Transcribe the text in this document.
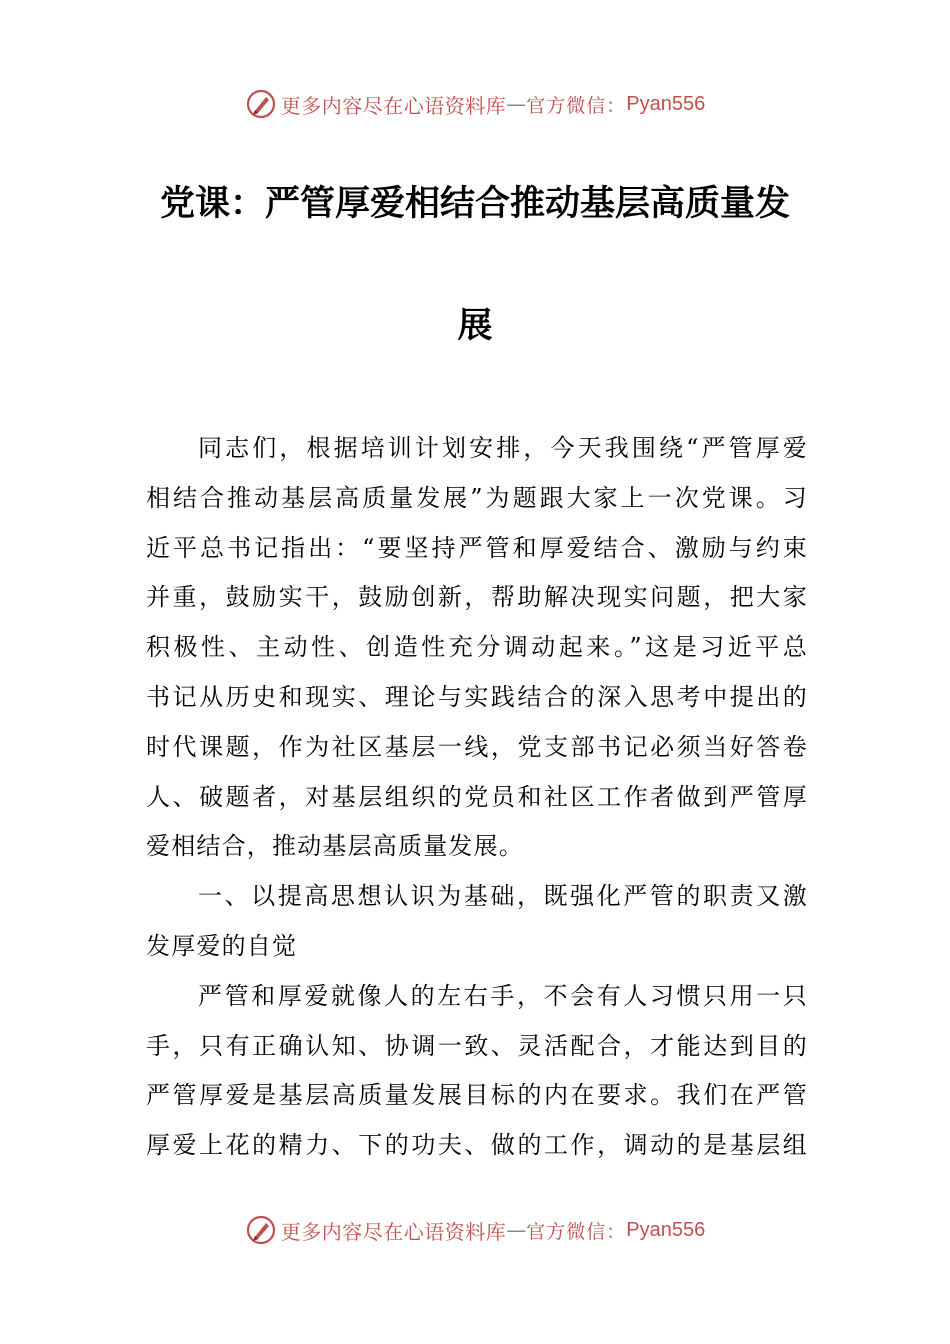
更多内容尽在心语资料库 — 官方微信： Pyan556
党课：严管厚爱相结合推动基层高质量发
展
同志们，根据培训计划安排，今天我围绕“严管厚爱
相结合推动基层高质量发展”为题跟大家上一次党课。习
近平总书记指出：“要坚持严管和厚爱结合、激励与约束
并重，鼓励实干，鼓励创新，帮助解决现实问题，把大家
积极性、主动性、创造性充分调动起来。”这是习近平总
书记从历史和现实、理论与实践结合的深入思考中提出的
时代课题，作为社区基层一线，党支部书记必须当好答卷
人、破题者，对基层组织的党员和社区工作者做到严管厚
爱相结合，推动基层高质量发展。
一、以提高思想认识为基础，既强化严管的职责又激
发厚爱的自觉
严管和厚爱就像人的左右手，不会有人习惯只用一只
手，只有正确认知、协调一致、灵活配合，才能达到目的
严管厚爱是基层高质量发展目标的内在要求。我们在严管
厚爱上花的精力、下的功夫、做的工作，调动的是基层组
更多内容尽在心语资料库 — 官方微信： Pyan556
